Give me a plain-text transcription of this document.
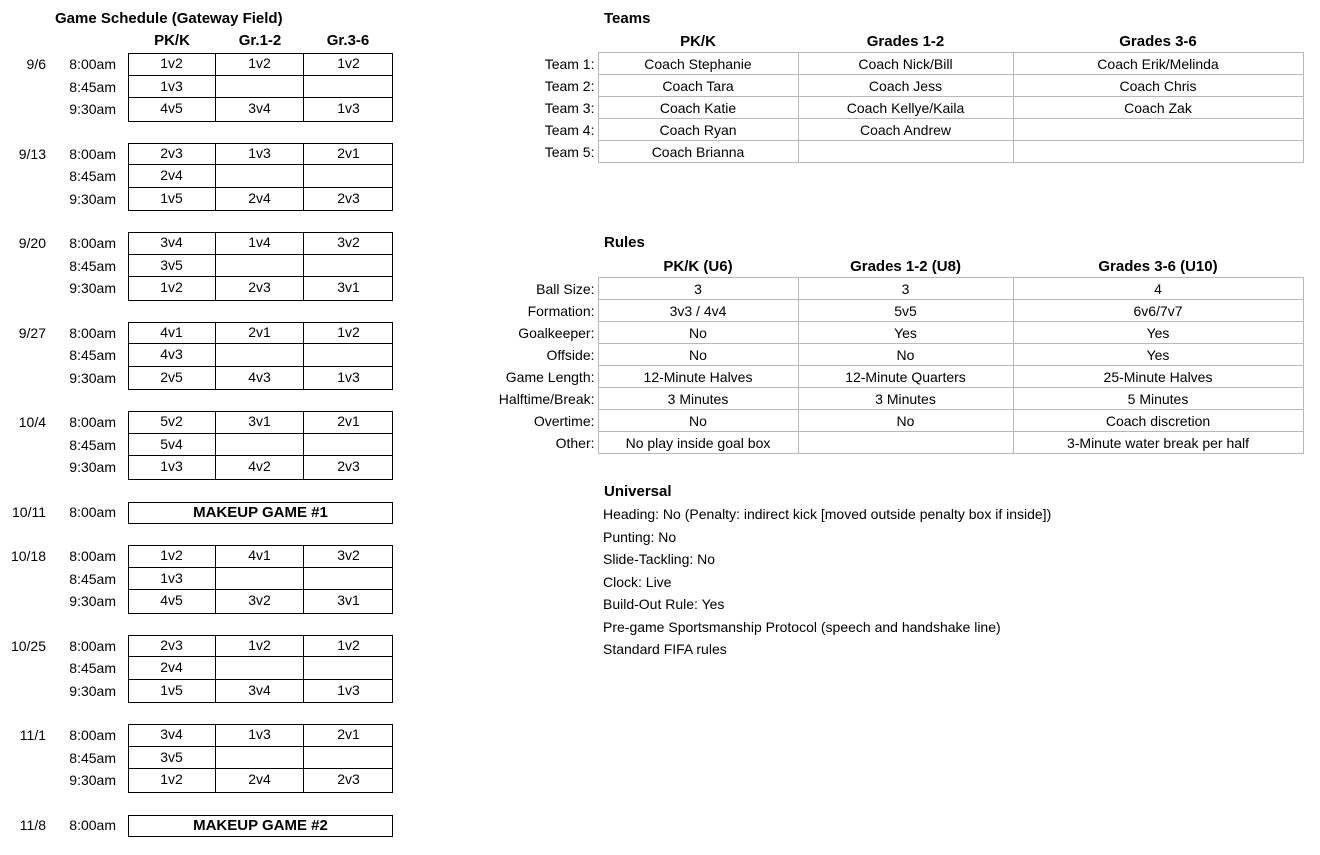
Game Schedule (Gateway Field)
PK/K	Gr.1-2	Gr.3-6
9/6	8:00am	1v2	1v2	1v2
8:45am	1v3
9:30am	4v5	3v4	1v3
9/13	8:00am	2v3	1v3	2v1
8:45am	2v4
9:30am	1v5	2v4	2v3
9/20	8:00am	3v4	1v4	3v2
8:45am	3v5
9:30am	1v2	2v3	3v1
9/27	8:00am	4v1	2v1	1v2
8:45am	4v3
9:30am	2v5	4v3	1v3
10/4	8:00am	5v2	3v1	2v1
8:45am	5v4
9:30am	1v3	4v2	2v3
10/11	8:00am	MAKEUP GAME #1
10/18	8:00am	1v2	4v1	3v2
8:45am	1v3
9:30am	4v5	3v2	3v1
10/25	8:00am	2v3	1v2	1v2
8:45am	2v4
9:30am	1v5	3v4	1v3
11/1	8:00am	3v4	1v3	2v1
8:45am	3v5
9:30am	1v2	2v4	2v3
11/8	8:00am	MAKEUP GAME #2
Teams
	PK/K	Grades 1-2	Grades 3-6
Team 1:	Coach Stephanie	Coach Nick/Bill	Coach Erik/Melinda
Team 2:	Coach Tara	Coach Jess	Coach Chris
Team 3:	Coach Katie	Coach Kellye/Kaila	Coach Zak
Team 4:	Coach Ryan	Coach Andrew	
Team 5:	Coach Brianna		
Rules
	PK/K (U6)	Grades 1-2 (U8)	Grades 3-6 (U10)
Ball Size:	3	3	4
Formation:	3v3 / 4v4	5v5	6v6/7v7
Goalkeeper:	No	Yes	Yes
Offside:	No	No	Yes
Game Length:	12-Minute Halves	12-Minute Quarters	25-Minute Halves
Halftime/Break:	3 Minutes	3 Minutes	5 Minutes
Overtime:	No	No	Coach discretion
Other:	No play inside goal box		3-Minute water break per half
Universal
Heading: No (Penalty: indirect kick [moved outside penalty box if inside])
Punting: No
Slide-Tackling: No
Clock: Live
Build-Out Rule: Yes
Pre-game Sportsmanship Protocol (speech and handshake line)
Standard FIFA rules
